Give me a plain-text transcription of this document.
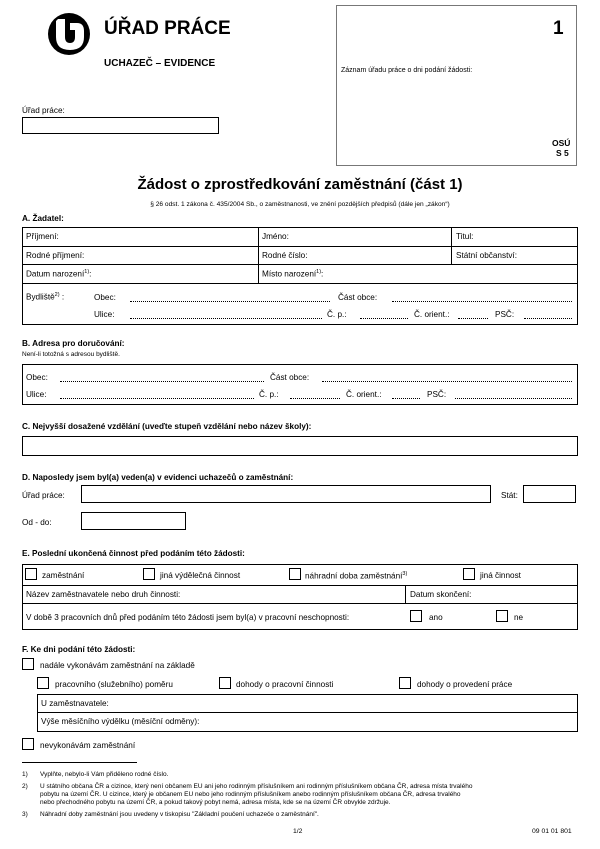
ÚŘAD PRÁCE
UCHAZEČ – EVIDENCE
Úřad práce:
Záznam úřadu práce o dni podání žádosti:
1
OSÚ
S 5
Žádost o zprostředkování zaměstnání (část 1)
§ 26 odst. 1 zákona č. 435/2004 Sb., o zaměstnanosti, ve znění pozdějších předpisů (dále jen „zákon“)
A. Žadatel:
Příjmení:	Jméno:	Titul:
Rodné příjmení:	Rodné číslo:	Státní občanství:
Datum narození$^{1)}$:	Místo narození$^{1)}$:
Bydliště$^{2)}$ :	Obec:	Část obce:
Ulice:	Č. p.:	Č. orient.:	PSČ:
B. Adresa pro doručování:
Není-li totožná s adresou bydliště.
Obec:	Část obce:
Ulice:	Č. p.:	Č. orient.:	PSČ:
C. Nejvyšší dosažené vzdělání (uveďte stupeň vzdělání nebo název školy):
D. Naposledy jsem byl(a) veden(a) v evidenci uchazečů o zaměstnání:
Úřad práce:	Stát:
Od - do:
E. Poslední ukončená činnost před podáním této žádosti:
zaměstnání	jiná výdělečná činnost	náhradní doba zaměstnání$^{3)}$	jiná činnost
Název zaměstnavatele nebo druh činnosti:	Datum skončení:
V době 3 pracovních dnů před podáním této žádosti jsem byl(a) v pracovní neschopnosti:	ano	ne
F. Ke dni podání této žádosti:
nadále vykonávám zaměstnání na základě
pracovního (služebního) poměru	dohody o pracovní činnosti	dohody o provedení práce
U zaměstnavatele:
Výše měsíčního výdělku (měsíční odměny):
nevykonávám zaměstnání
1) Vyplňte, nebylo-li Vám přiděleno rodné číslo.
2) U státního občana ČR a cizince, který není občanem EU ani jeho rodinným příslušníkem ani rodinným příslušníkem občana ČR, adresa místa trvalého
pobytu na území ČR. U cizince, který je občanem EU nebo jeho rodinným příslušníkem anebo rodinným příslušníkem občana ČR, adresa trvalého
nebo přechodného pobytu na území ČR, a pokud takový pobyt nemá, adresa místa, kde se na území ČR obvykle zdržuje.
3) Náhradní doby zaměstnání jsou uvedeny v tiskopisu "Základní poučení uchazeče o zaměstnání".
1/2	09 01 01 801
